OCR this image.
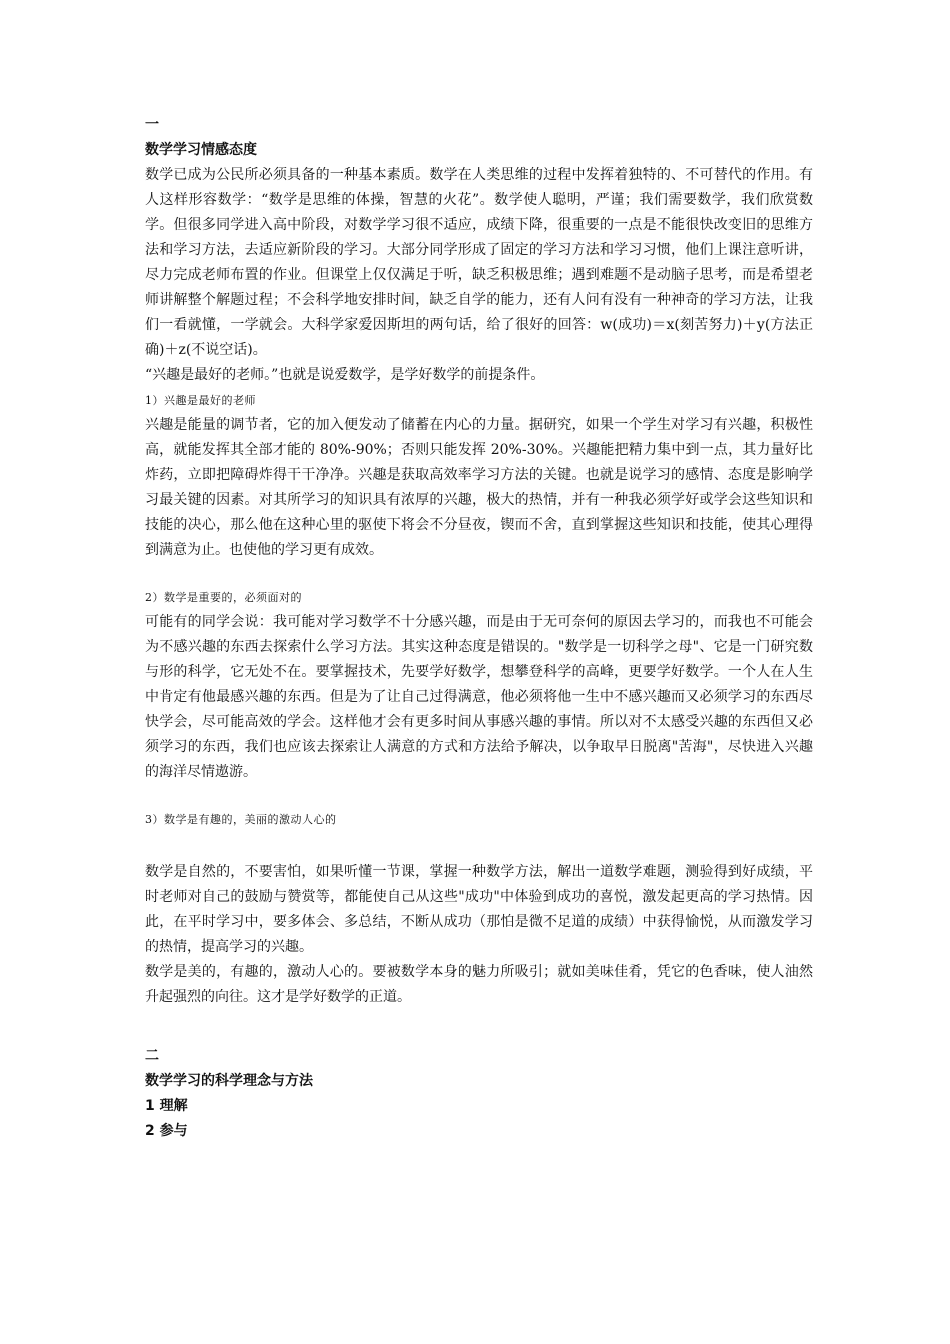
一

数学学习情感态度

数学已成为公民所必须具备的一种基本素质。数学在人类思维的过程中发挥着独特的、不可替代的作用。有人这样形容数学：“数学是思维的体操，智慧的火花”。数学使人聪明，严谨；我们需要数学，我们欣赏数学。但很多同学进入高中阶段，对数学学习很不适应，成绩下降，很重要的一点是不能很快改变旧的思维方法和学习方法，去适应新阶段的学习。大部分同学形成了固定的学习方法和学习习惯，他们上课注意听讲，尽力完成老师布置的作业。但课堂上仅仅满足于听，缺乏积极思维；遇到难题不是动脑子思考，而是希望老师讲解整个解题过程；不会科学地安排时间，缺乏自学的能力，还有人问有没有一种神奇的学习方法，让我们一看就懂，一学就会。大科学家爱因斯坦的两句话，给了很好的回答：w(成功)＝x(刻苦努力)＋y(方法正确)＋z(不说空话)。

“兴趣是最好的老师。”也就是说爱数学，是学好数学的前提条件。

1）兴趣是最好的老师

兴趣是能量的调节者，它的加入便发动了储蓄在内心的力量。据研究，如果一个学生对学习有兴趣，积极性高，就能发挥其全部才能的 80%-90%；否则只能发挥 20%-30%。兴趣能把精力集中到一点，其力量好比炸药，立即把障碍炸得干干净净。兴趣是获取高效率学习方法的关键。也就是说学习的感情、态度是影响学习最关键的因素。对其所学习的知识具有浓厚的兴趣，极大的热情，并有一种我必须学好或学会这些知识和技能的决心，那么他在这种心里的驱使下将会不分昼夜，锲而不舍，直到掌握这些知识和技能，使其心理得到满意为止。也使他的学习更有成效。

2）数学是重要的，必须面对的

可能有的同学会说：我可能对学习数学不十分感兴趣，而是由于无可奈何的原因去学习的，而我也不可能会为不感兴趣的东西去探索什么学习方法。其实这种态度是错误的。"数学是一切科学之母"、它是一门研究数与形的科学，它无处不在。要掌握技术，先要学好数学，想攀登科学的高峰，更要学好数学。一个人在人生中肯定有他最感兴趣的东西。但是为了让自己过得满意，他必须将他一生中不感兴趣而又必须学习的东西尽快学会，尽可能高效的学会。这样他才会有更多时间从事感兴趣的事情。所以对不太感受兴趣的东西但又必须学习的东西，我们也应该去探索让人满意的方式和方法给予解决，以争取早日脱离"苦海"，尽快进入兴趣的海洋尽情遨游。

3）数学是有趣的，美丽的激动人心的

数学是自然的，不要害怕，如果听懂一节课，掌握一种数学方法，解出一道数学难题，测验得到好成绩，平时老师对自己的鼓励与赞赏等，都能使自己从这些"成功"中体验到成功的喜悦，激发起更高的学习热情。因此，在平时学习中，要多体会、多总结，不断从成功（那怕是微不足道的成绩）中获得愉悦，从而激发学习的热情，提高学习的兴趣。

数学是美的，有趣的，激动人心的。要被数学本身的魅力所吸引；就如美味佳肴，凭它的色香味，使人油然升起强烈的向往。这才是学好数学的正道。

二

数学学习的科学理念与方法

1 理解

2 参与
